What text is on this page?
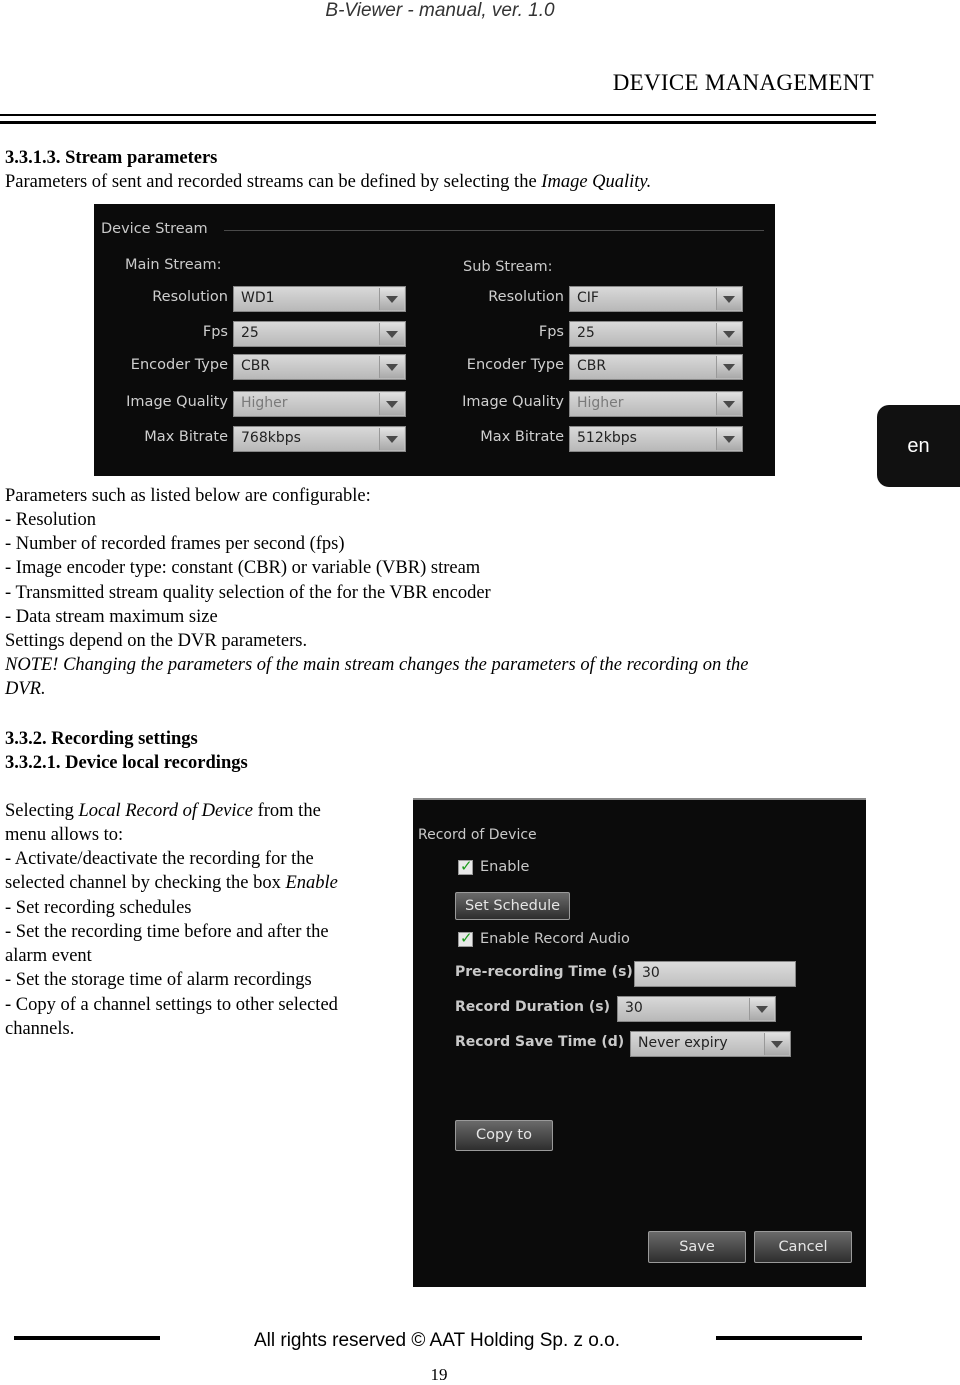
B-Viewer - manual, ver. 1.0
DEVICE MANAGEMENT
en
3.3.1.3. Stream parameters
Parameters of sent and recorded streams can be defined by selecting the Image Quality.
Device Stream
Main Stream:	Sub Stream:
Resolution WD1
Fps 25
Encoder Type CBR
Image Quality Higher
Max Bitrate 768kbps
Resolution CIF
Fps 25
Encoder Type CBR
Image Quality Higher
Max Bitrate 512kbps
Parameters such as listed below are configurable:
- Resolution
- Number of recorded frames per second (fps)
- Image encoder type: constant (CBR) or variable (VBR) stream
- Transmitted stream quality selection of the for the VBR encoder
- Data stream maximum size
Settings depend on the DVR parameters.
NOTE! Changing the parameters of the main stream changes the parameters of the recording on the
DVR.
3.3.2. Recording settings
3.3.2.1. Device local recordings
Selecting Local Record of Device from the
menu allows to:
- Activate/deactivate the recording for the
selected channel by checking the box Enable
- Set recording schedules
- Set the recording time before and after the
alarm event
- Set the storage time of alarm recordings
- Copy of a channel settings to other selected
channels.
Record of Device
✓
Enable
Set Schedule
✓
Enable Record Audio
Pre-recording Time (s) 30
Record Duration (s) 30
Record Save Time (d) Never expiry
Copy to
Save	Cancel
All rights reserved © AAT Holding Sp. z o.o.
19
